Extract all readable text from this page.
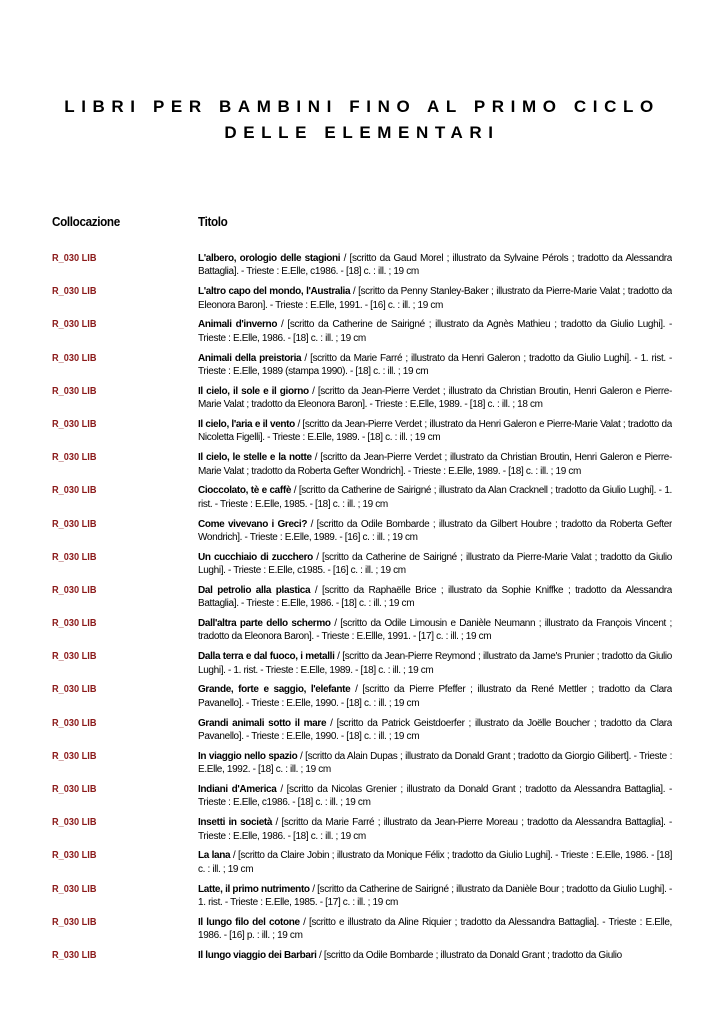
LIBRI PER BAMBINI FINO AL PRIMO CICLO DELLE ELEMENTARI
Collocazione	Titolo
R_030 LIB	L'albero, orologio delle stagioni / [scritto da Gaud Morel ; illustrato da Sylvaine Pérols ; tradotto da Alessandra Battaglia]. - Trieste : E.Elle, c1986. - [18] c. : ill. ; 19 cm
R_030 LIB	L'altro capo del mondo, l'Australia / [scritto da Penny Stanley-Baker ; illustrato da Pierre-Marie Valat ; tradotto da Eleonora Baron]. - Trieste : E.Elle, 1991. - [16] c. : ill. ; 19 cm
R_030 LIB	Animali d'inverno / [scritto da Catherine de Sairigné ; illustrato da Agnès Mathieu ; tradotto da Giulio Lughi]. - Trieste : E.Elle, 1986. - [18] c. : ill. ; 19 cm
R_030 LIB	Animali della preistoria / [scritto da Marie Farré ; illustrato da Henri Galeron ; tradotto da Giulio Lughi]. - 1. rist. - Trieste : E.Elle, 1989 (stampa 1990). - [18] c. : ill. ; 19 cm
R_030 LIB	Il cielo, il sole e il giorno / [scritto da Jean-Pierre Verdet ; illustrato da Christian Broutin, Henri Galeron e Pierre-Marie Valat ; tradotto da Eleonora Baron]. - Trieste : E.Elle, 1989. - [18] c. : ill. ; 18 cm
R_030 LIB	Il cielo, l'aria e il vento / [scritto da Jean-Pierre Verdet ; illustrato da Henri Galeron e Pierre-Marie Valat ; tradotto da Nicoletta Figelli]. - Trieste : E.Elle, 1989. - [18] c. : ill. ; 19 cm
R_030 LIB	Il cielo, le stelle e la notte / [scritto da Jean-Pierre Verdet ; illustrato da Christian Broutin, Henri Galeron e Pierre-Marie Valat ; tradotto da Roberta Gefter Wondrich]. - Trieste : E.Elle, 1989. - [18] c. : ill. ; 19 cm
R_030 LIB	Cioccolato, tè e caffè / [scritto da Catherine de Sairigné ; illustrato da Alan Cracknell ; tradotto da Giulio Lughi]. - 1. rist. - Trieste : E.Elle, 1985. - [18] c. : ill. ; 19 cm
R_030 LIB	Come vivevano i Greci? / [scritto da Odile Bombarde ; illustrato da Gilbert Houbre ; tradotto da Roberta Gefter Wondrich]. - Trieste : E.Elle, 1989. - [16] c. : ill. ; 19 cm
R_030 LIB	Un cucchiaio di zucchero / [scritto da Catherine de Sairigné ; illustrato da Pierre-Marie Valat ; tradotto da Giulio Lughi]. - Trieste : E.Elle, c1985. - [16] c. : ill. ; 19 cm
R_030 LIB	Dal petrolio alla plastica / [scritto da Raphaëlle Brice ; illustrato da Sophie Kniffke ; tradotto da Alessandra Battaglia]. - Trieste : E.Elle, 1986. - [18] c. : ill. ; 19 cm
R_030 LIB	Dall'altra parte dello schermo / [scritto da Odile Limousin e Danièle Neumann ; illustrato da François Vincent ; tradotto da Eleonora Baron]. - Trieste : E.Ellle, 1991. - [17] c. : ill. ; 19 cm
R_030 LIB	Dalla terra e dal fuoco, i metalli / [scritto da Jean-Pierre Reymond ; illustrato da Jame's Prunier ; tradotto da Giulio Lughi]. - 1. rist. - Trieste : E.Elle, 1989. - [18] c. : ill. ; 19 cm
R_030 LIB	Grande, forte e saggio, l'elefante / [scritto da Pierre Pfeffer ; illustrato da René Mettler ; tradotto da Clara Pavanello]. - Trieste : E.Elle, 1990. - [18] c. : ill. ; 19 cm
R_030 LIB	Grandi animali sotto il mare / [scritto da Patrick Geistdoerfer ; illustrato da Joëlle Boucher ; tradotto da Clara Pavanello]. - Trieste : E.Elle, 1990. - [18] c. : ill. ; 19 cm
R_030 LIB	In viaggio nello spazio / [scritto da Alain Dupas ; illustrato da Donald Grant ; tradotto da Giorgio Gilibert]. - Trieste : E.Elle, 1992. - [18] c. : ill. ; 19 cm
R_030 LIB	Indiani d'America / [scritto da Nicolas Grenier ; illustrato da Donald Grant ; tradotto da Alessandra Battaglia]. - Trieste : E.Elle, c1986. - [18] c. : ill. ; 19 cm
R_030 LIB	Insetti in società / [scritto da Marie Farré ; illustrato da Jean-Pierre Moreau ; tradotto da Alessandra Battaglia]. - Trieste : E.Elle, 1986. - [18] c. : ill. ; 19 cm
R_030 LIB	La lana / [scritto da Claire Jobin ; illustrato da Monique Félix ; tradotto da Giulio Lughi]. - Trieste : E.Elle, 1986. - [18] c. : ill. ; 19 cm
R_030 LIB	Latte, il primo nutrimento / [scritto da Catherine de Sairigné ; illustrato da Danièle Bour ; tradotto da Giulio Lughi]. - 1. rist. - Trieste : E.Elle, 1985. - [17] c. : ill. ; 19 cm
R_030 LIB	Il lungo filo del cotone / [scritto e illustrato da Aline Riquier ; tradotto da Alessandra Battaglia]. - Trieste : E.Elle, 1986. - [16] p. : ill. ; 19 cm
R_030 LIB	Il lungo viaggio dei Barbari / [scritto da Odile Bombarde ; illustrato da Donald Grant ; tradotto da Giulio
